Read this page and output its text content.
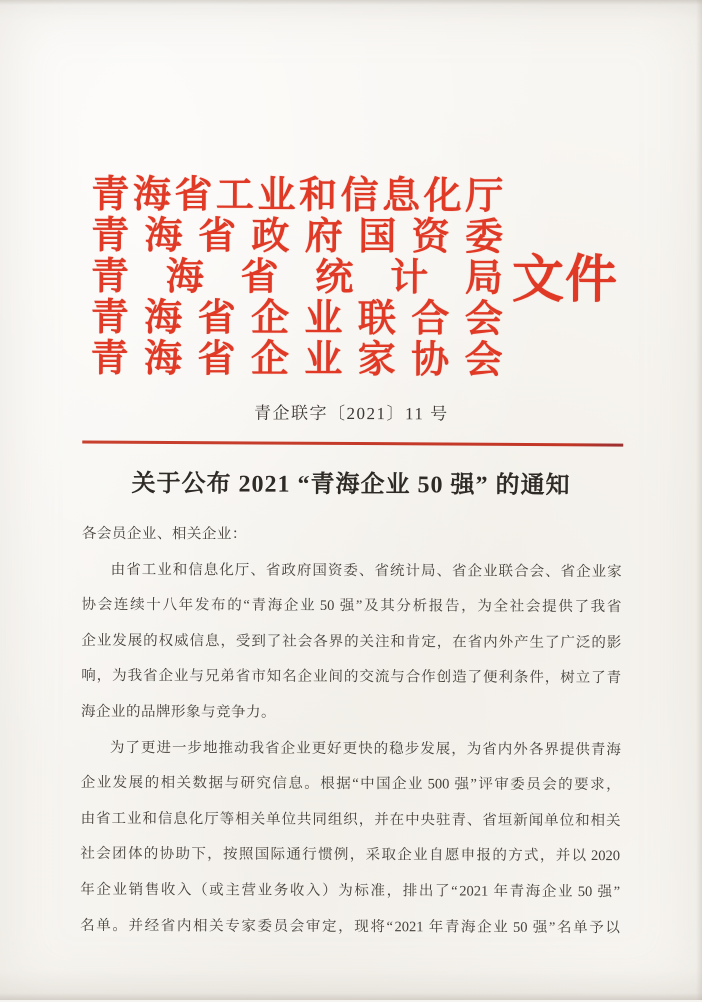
青 海 省 工 业 和 信 息 化 厅
青 海 省 政 府 国 资 委
青 海 省 统 计 局
青 海 省 企 业 联 合 会
青 海 省 企 业 家 协 会
文件
青企联字〔2021〕11 号
关于公布 2021 “青海企业 50 强” 的通知
各会员企业、相关企业：
由 省 工 业 和 信 息 化 厅 、 省 政 府 国 资 委 、 省 统 计 局 、 省 企 业 联 合 会 、 省 企 业 家
协 会 连 续 十 八 年 发 布 的 “ 青 海 企 业 50 强 ” 及 其 分 析 报 告 ， 为 全 社 会 提 供 了 我 省
企 业 发 展 的 权 威 信 息 ， 受 到 了 社 会 各 界 的 关 注 和 肯 定 ， 在 省 内 外 产 生 了 广 泛 的 影
响 ， 为 我 省 企 业 与 兄 弟 省 市 知 名 企 业 间 的 交 流 与 合 作 创 造 了 便 利 条 件 ， 树 立 了 青
海企业的品牌形象与竞争力。
为 了 更 进 一 步 地 推 动 我 省 企 业 更 好 更 快 的 稳 步 发 展 ， 为 省 内 外 各 界 提 供 青 海
企 业 发 展 的 相 关 数 据 与 研 究 信 息 。 根 据 “ 中 国 企 业 500 强 ” 评 审 委 员 会 的 要 求 ，
由 省 工 业 和 信 息 化 厅 等 相 关 单 位 共 同 组 织 ， 并 在 中 央 驻 青 、 省 垣 新 闻 单 位 和 相 关
社 会 团 体 的 协 助 下 ， 按 照 国 际 通 行 惯 例 ， 采 取 企 业 自 愿 申 报 的 方 式 ， 并 以 2020
年 企 业 销 售 收 入 （ 或 主 营 业 务 收 入 ） 为 标 准 ， 排 出 了 “ 2021 年 青 海 企 业 50 强 ”
名 单 。 并 经 省 内 相 关 专 家 委 员 会 审 定 ， 现 将 “ 2021 年 青 海 企 业 50 强 ” 名 单 予 以
